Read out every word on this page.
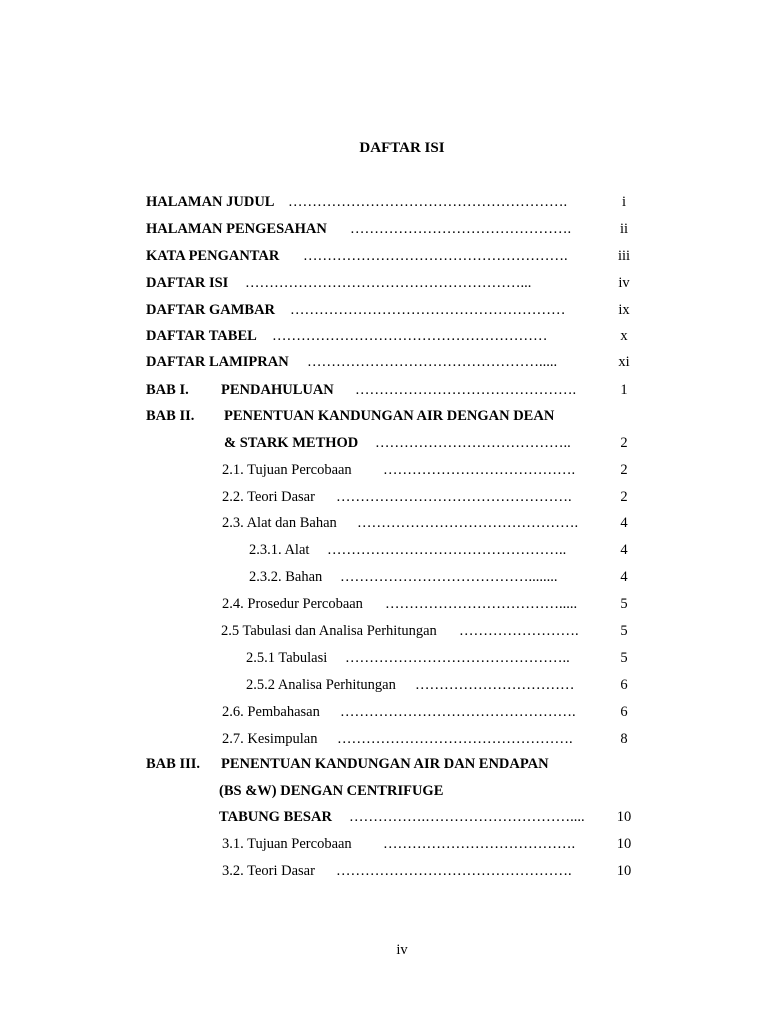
DAFTAR ISI
HALAMAN JUDUL ………………………………………………….	i
HALAMAN PENGESAHAN ……………………………………….	ii
KATA PENGANTAR ……………………………………………….	iii
DAFTAR ISI …………………………………………………...	iv
DAFTAR GAMBAR …………………………………………………	ix
DAFTAR TABEL …………………………………………………	x
DAFTAR LAMIPRAN ………………………………………….....	xi
BAB I. PENDAHULUAN ……………………………………….	1
BAB II. PENENTUAN KANDUNGAN AIR DENGAN DEAN
& STARK METHOD …………………………………..	2
2.1. Tujuan Percobaan ………………………………….	2
2.2. Teori Dasar ………………………………………….	2
2.3. Alat dan Bahan ……………………………………….	4
2.3.1. Alat …………………………………………..	4
2.3.2. Bahan …………………………………........	4
2.4. Prosedur Percobaan ……………………………….....	5
2.5 Tabulasi dan Analisa Perhitungan …………………….	5
2.5.1 Tabulasi ………………………………………..	5
2.5.2 Analisa Perhitungan ……………………………	6
2.6. Pembahasan ………………………………………….	6
2.7. Kesimpulan ………………………………………….	8
BAB III. PENENTUAN KANDUNGAN AIR DAN ENDAPAN
(BS &W) DENGAN CENTRIFUGE
TABUNG BESAR …………….…………………………....	10
3.1. Tujuan Percobaan ………………………………….	10
3.2. Teori Dasar ………………………………………….	10
iv
